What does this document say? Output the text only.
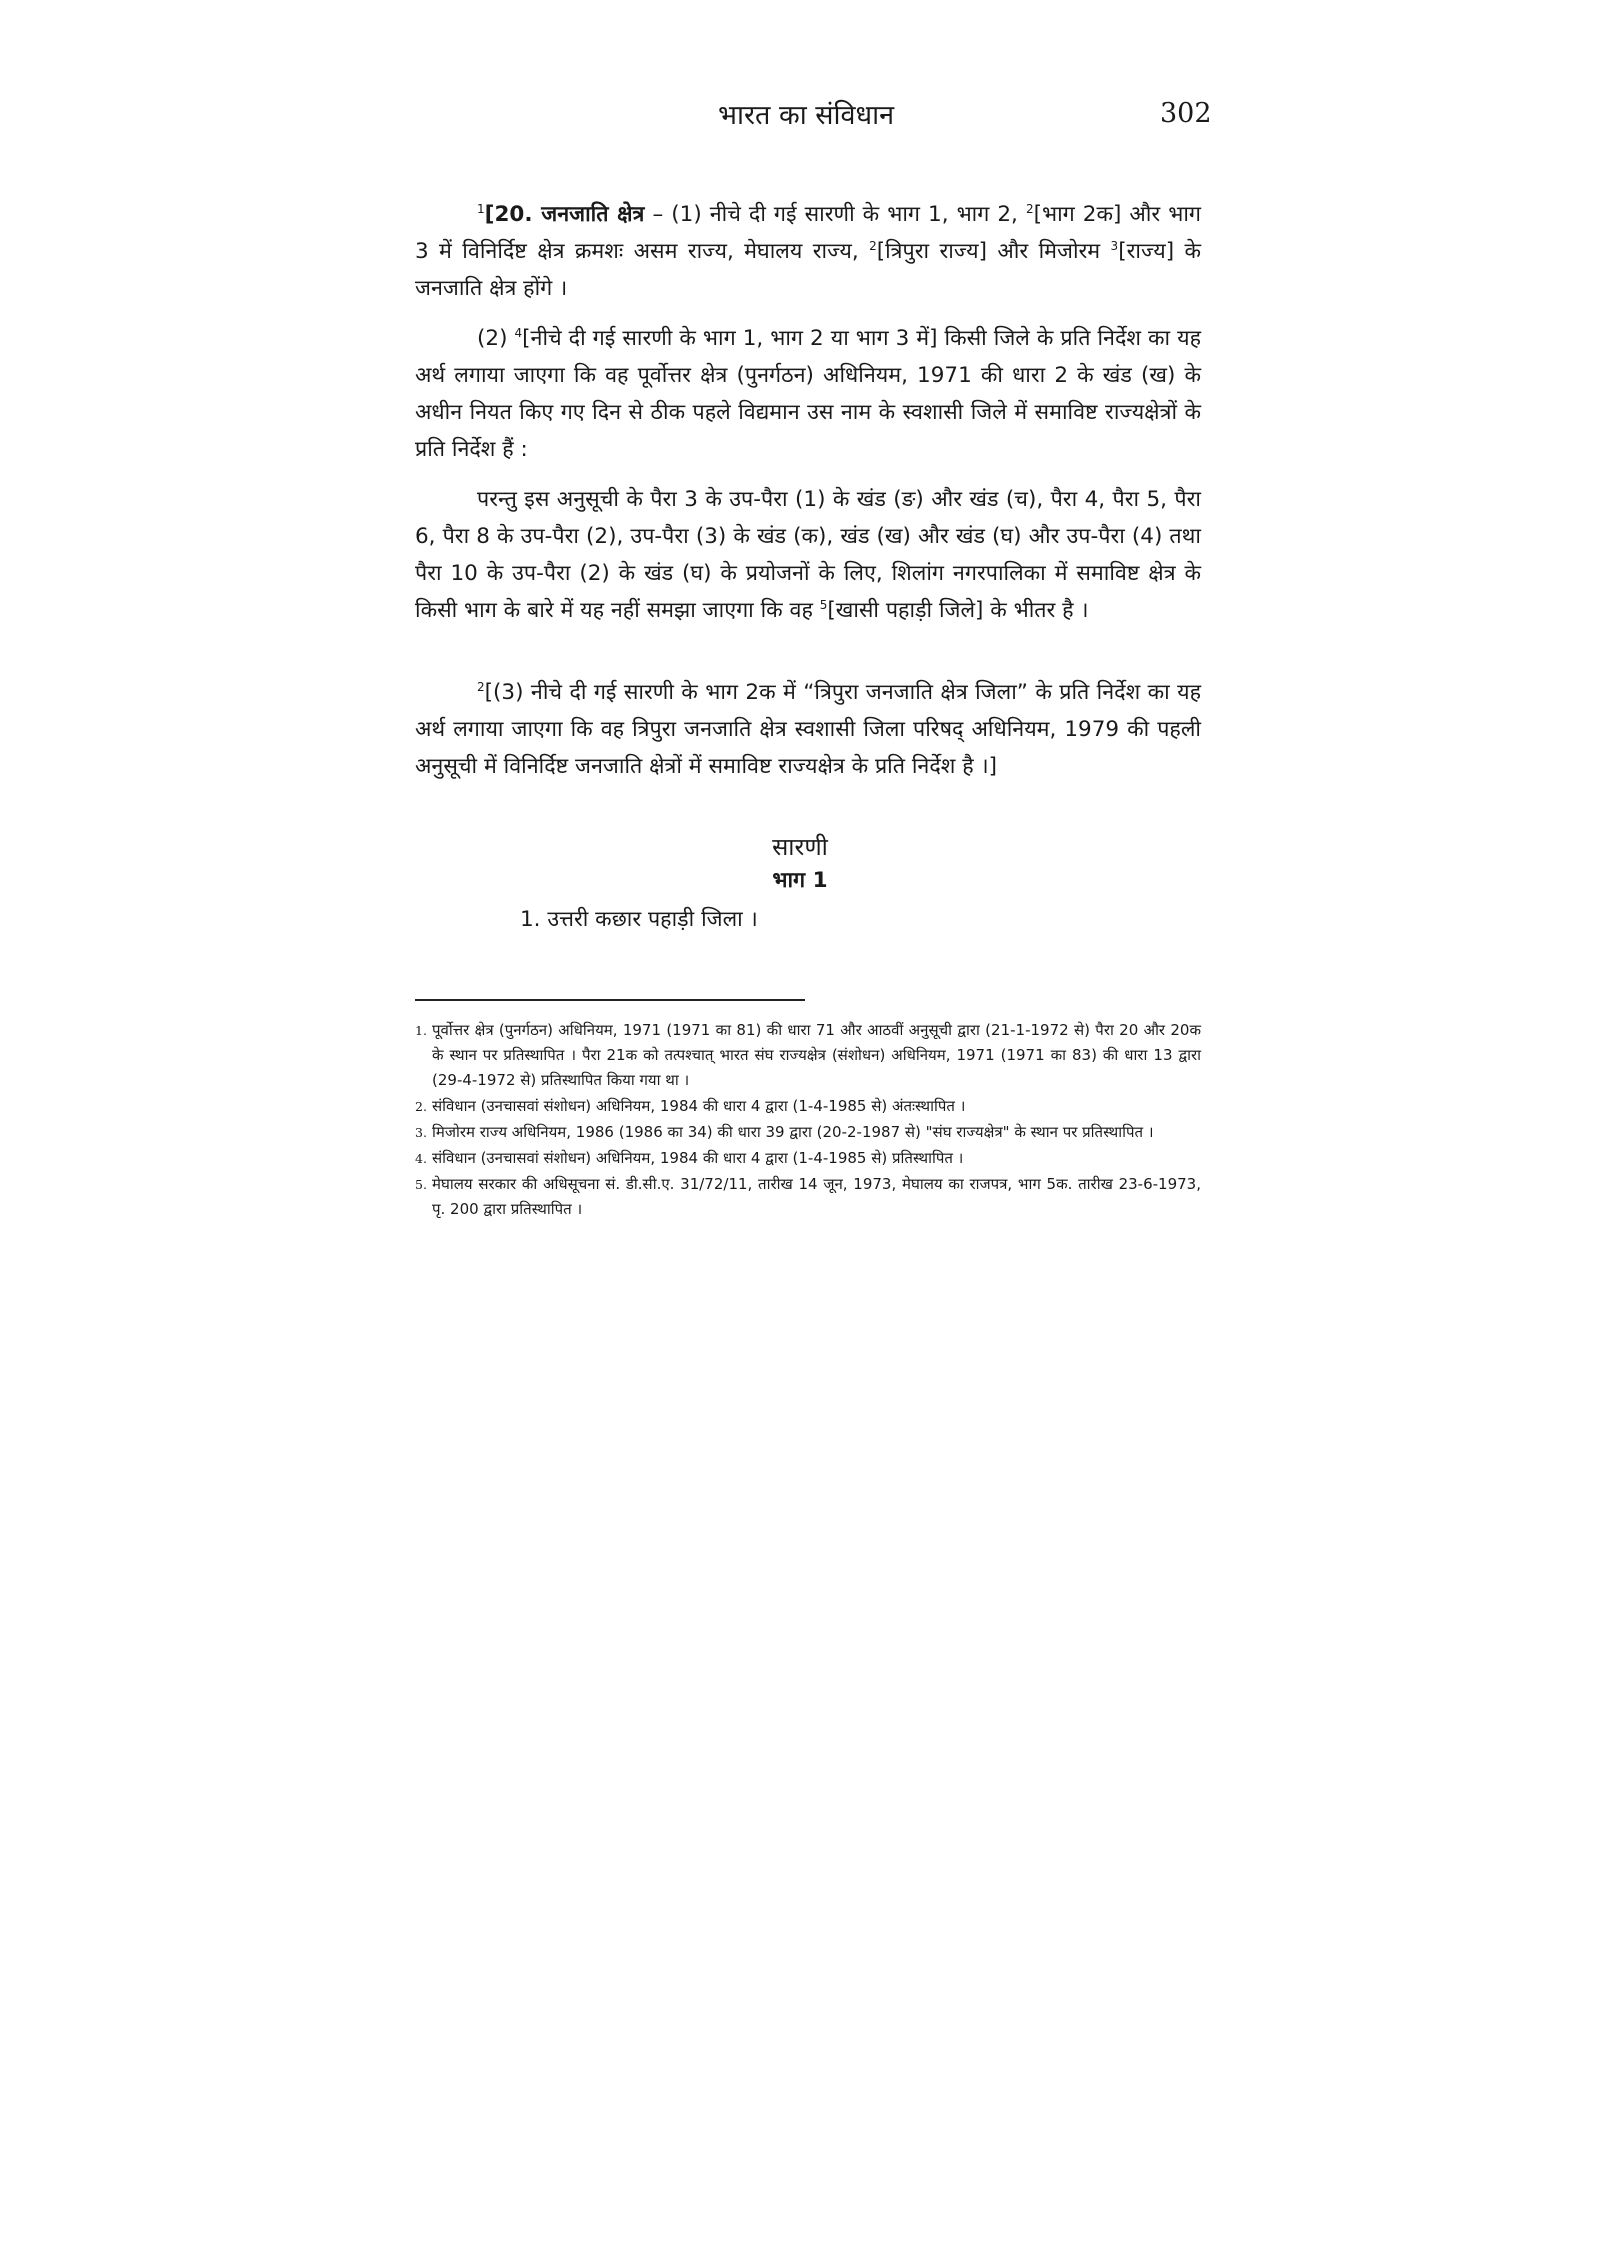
भारत का संविधान	302

$^1$[20. जनजाति क्षेत्र – (1) नीचे दी गई सारणी के भाग 1, भाग 2, $^2$[भाग 2क] और भाग 3 में विनिर्दिष्ट क्षेत्र क्रमशः असम राज्य, मेघालय राज्य, $^2$[त्रिपुरा राज्य] और मिजोरम $^3$[राज्य] के जनजाति क्षेत्र होंगे ।

(2) $^4$[नीचे दी गई सारणी के भाग 1, भाग 2 या भाग 3 में] किसी जिले के प्रति निर्देश का यह अर्थ लगाया जाएगा कि वह पूर्वोत्तर क्षेत्र (पुनर्गठन) अधिनियम, 1971 की धारा 2 के खंड (ख) के अधीन नियत किए गए दिन से ठीक पहले विद्यमान उस नाम के स्वशासी जिले में समाविष्ट राज्यक्षेत्रों के प्रति निर्देश हैं :

परन्तु इस अनुसूची के पैरा 3 के उप-पैरा (1) के खंड (ङ) और खंड (च), पैरा 4, पैरा 5, पैरा 6, पैरा 8 के उप-पैरा (2), उप-पैरा (3) के खंड (क), खंड (ख) और खंड (घ) और उप-पैरा (4) तथा पैरा 10 के उप-पैरा (2) के खंड (घ) के प्रयोजनों के लिए, शिलांग नगरपालिका में समाविष्ट क्षेत्र के किसी भाग के बारे में यह नहीं समझा जाएगा कि वह $^5$[खासी पहाड़ी जिले] के भीतर है ।

$^2$[(3) नीचे दी गई सारणी के भाग 2क में “त्रिपुरा जनजाति क्षेत्र जिला” के प्रति निर्देश का यह अर्थ लगाया जाएगा कि वह त्रिपुरा जनजाति क्षेत्र स्वशासी जिला परिषद् अधिनियम, 1979 की पहली अनुसूची में विनिर्दिष्ट जनजाति क्षेत्रों में समाविष्ट राज्यक्षेत्र के प्रति निर्देश है ।]

सारणी
भाग 1
1. उत्तरी कछार पहाड़ी जिला ।
1. पूर्वोत्तर क्षेत्र (पुनर्गठन) अधिनियम, 1971 (1971 का 81) की धारा 71 और आठवीं अनुसूची द्वारा (21-1-1972 से) पैरा 20 और 20क के स्थान पर प्रतिस्थापित । पैरा 21क को तत्पश्चात् भारत संघ राज्यक्षेत्र (संशोधन) अधिनियम, 1971 (1971 का 83) की धारा 13 द्वारा (29-4-1972 से) प्रतिस्थापित किया गया था ।
2. संविधान (उनचासवां संशोधन) अधिनियम, 1984 की धारा 4 द्वारा (1-4-1985 से) अंतःस्थापित ।
3. मिजोरम राज्य अधिनियम, 1986 (1986 का 34) की धारा 39 द्वारा (20-2-1987 से) "संघ राज्यक्षेत्र" के स्थान पर प्रतिस्थापित ।
4. संविधान (उनचासवां संशोधन) अधिनियम, 1984 की धारा 4 द्वारा (1-4-1985 से) प्रतिस्थापित ।
5. मेघालय सरकार की अधिसूचना सं. डी.सी.ए. 31/72/11, तारीख 14 जून, 1973, मेघालय का राजपत्र, भाग 5क. तारीख 23-6-1973, पृ. 200 द्वारा प्रतिस्थापित ।
